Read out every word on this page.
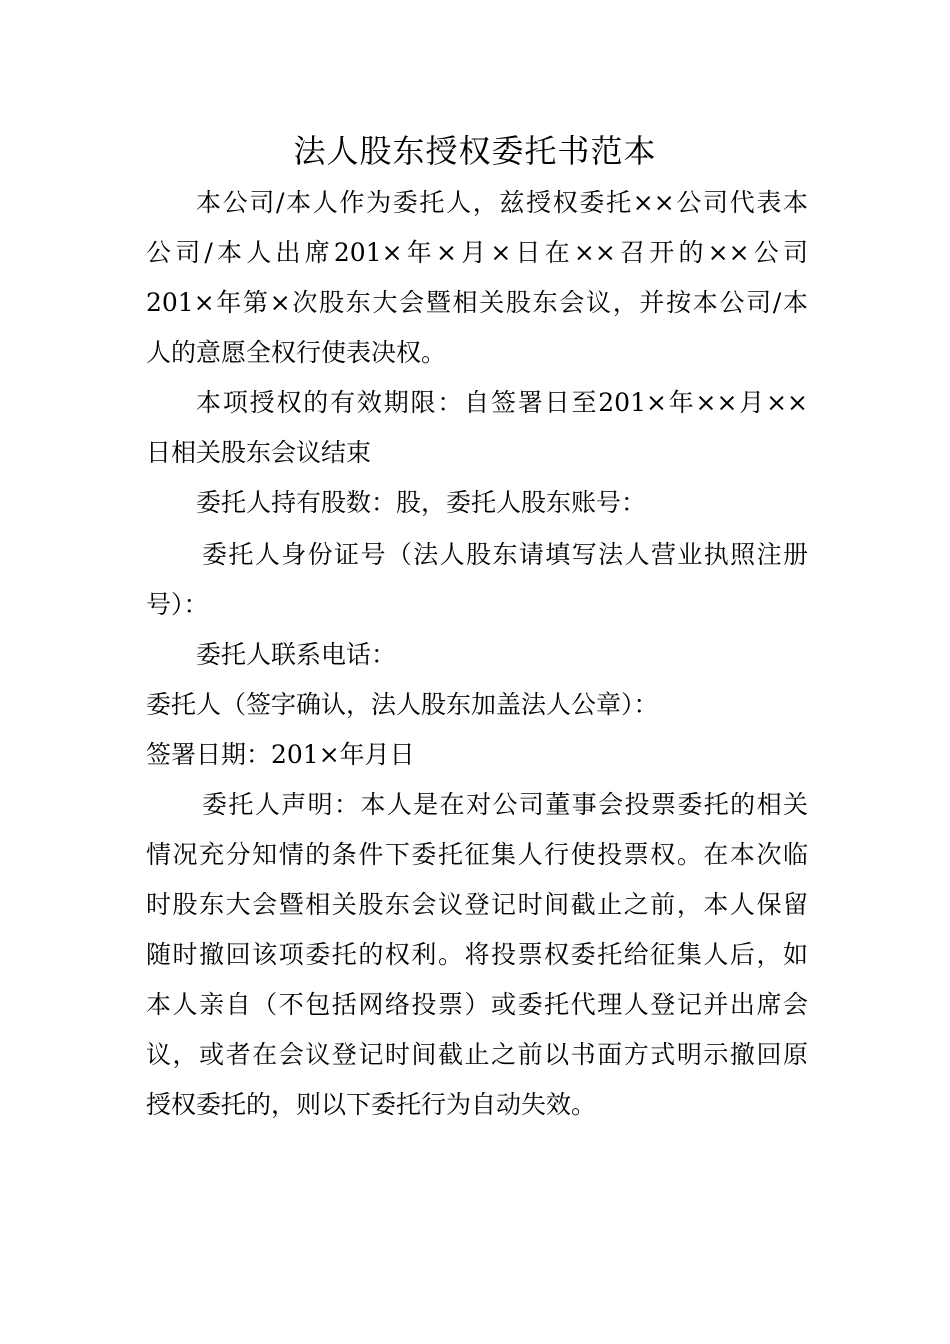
法人股东授权委托书范本
本公司/本人作为委托人，兹授权委托××公司代表本
公司/本人出席201×年×月×日在××召开的××公司
201×年第×次股东大会暨相关股东会议，并按本公司/本
人的意愿全权行使表决权。
本项授权的有效期限：自签署日至201×年××月××
日相关股东会议结束
委托人持有股数：股，委托人股东账号：
委托人身份证号（法人股东请填写法人营业执照注册
号）：
委托人联系电话：
委托人（签字确认，法人股东加盖法人公章）：
签署日期：201×年月日
委托人声明：本人是在对公司董事会投票委托的相关
情况充分知情的条件下委托征集人行使投票权。在本次临
时股东大会暨相关股东会议登记时间截止之前，本人保留
随时撤回该项委托的权利。将投票权委托给征集人后，如
本人亲自（不包括网络投票）或委托代理人登记并出席会
议，或者在会议登记时间截止之前以书面方式明示撤回原
授权委托的，则以下委托行为自动失效。
